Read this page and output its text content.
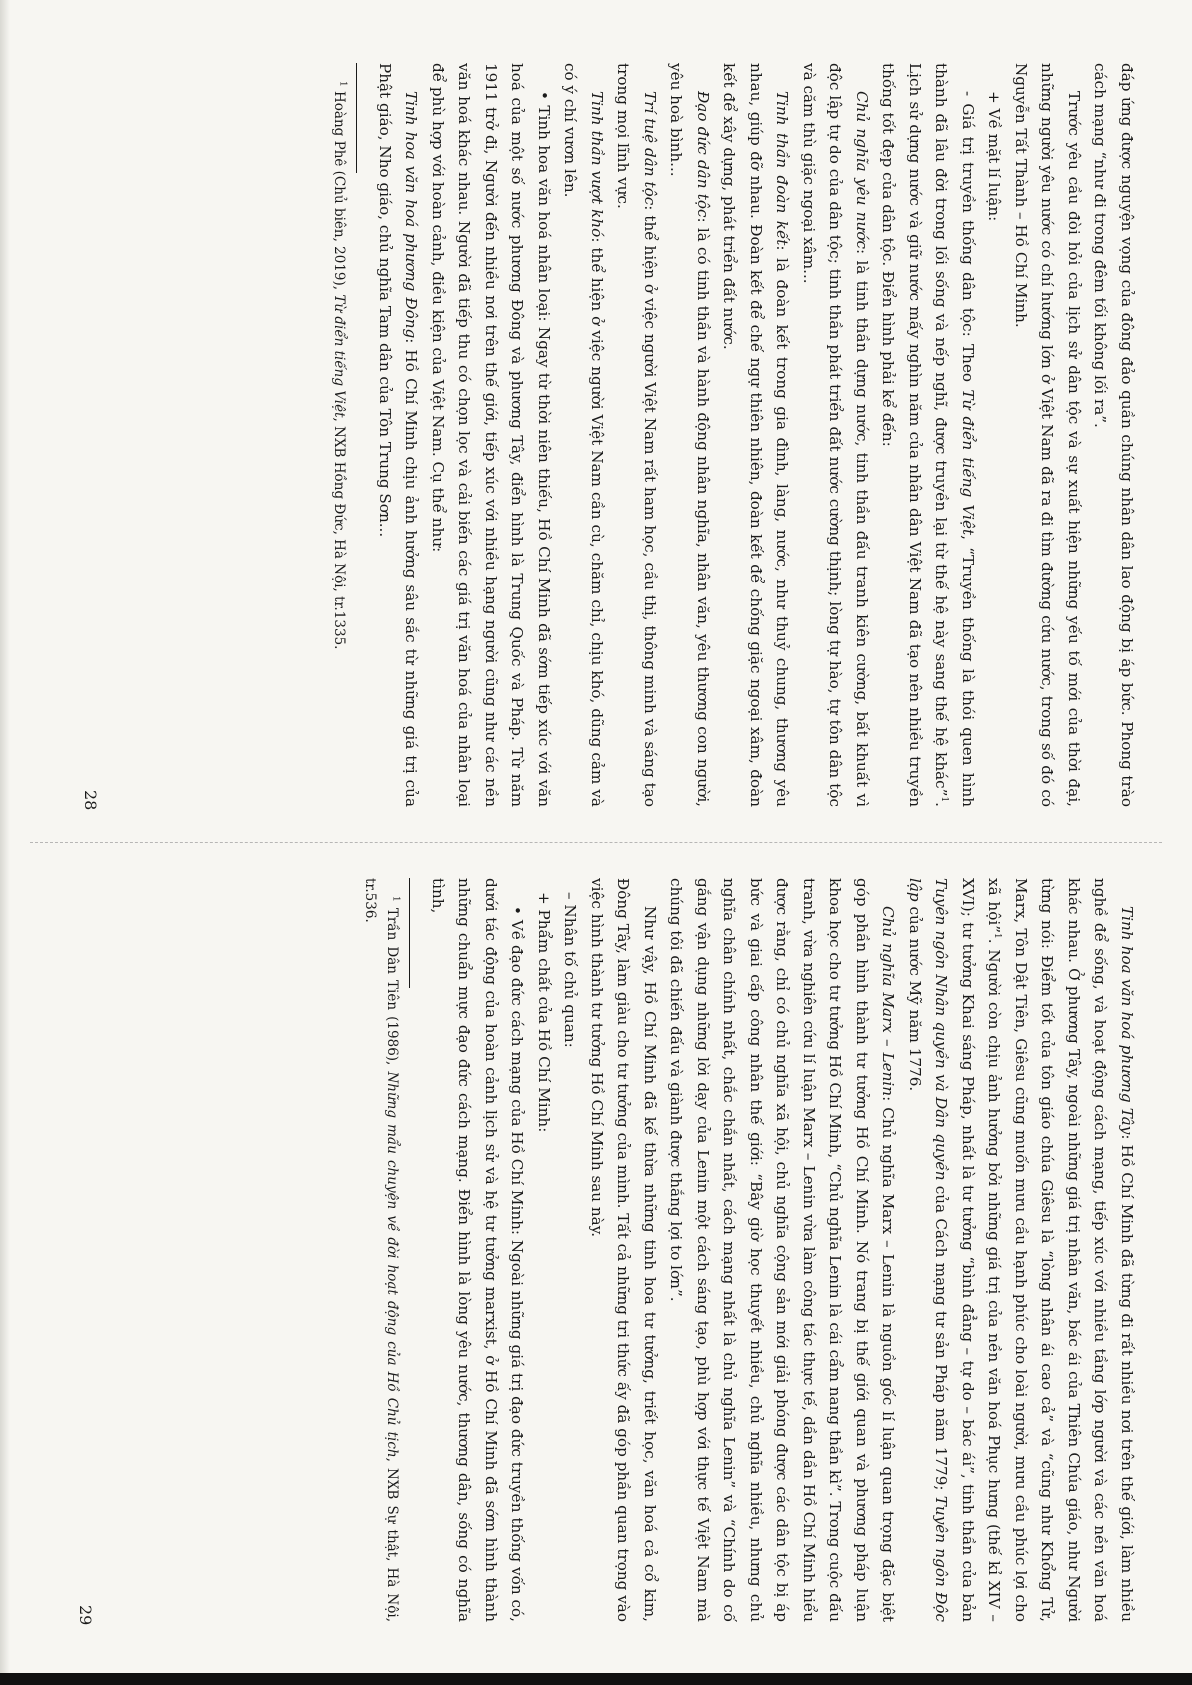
đáp ứng được nguyện vọng của đông đảo quần chúng nhân dân lao động bị áp bức. Phong trào cách mạng “như đi trong đêm tối không lối ra”.

Trước yêu cầu đòi hỏi của lịch sử dân tộc và sự xuất hiện những yếu tố mới của thời đại, những người yêu nước có chí hướng lớn ở Việt Nam đã ra đi tìm đường cứu nước, trong số đó có Nguyễn Tất Thành – Hồ Chí Minh.

+ Về mặt lí luận:

- Giá trị truyền thống dân tộc: Theo Từ điển tiếng Việt, “Truyền thống là thói quen hình thành đã lâu đời trong lối sống và nếp nghĩ, được truyền lại từ thế hệ này sang thế hệ khác”$^1$. Lịch sử dựng nước và giữ nước mấy nghìn năm của nhân dân Việt Nam đã tạo nên nhiều truyền thống tốt đẹp của dân tộc. Điển hình phải kể đến:

Chủ nghĩa yêu nước: là tinh thần dựng nước, tinh thần đấu tranh kiên cường, bất khuất vì độc lập tự do của dân tộc; tinh thần phát triển đất nước cường thịnh; lòng tự hào, tự tôn dân tộc và căm thù giặc ngoại xâm...

Tinh thần đoàn kết: là đoàn kết trong gia đình, làng, nước, như thuỷ chung, thương yêu nhau, giúp đỡ nhau. Đoàn kết để chế ngự thiên nhiên, đoàn kết để chống giặc ngoại xâm, đoàn kết để xây dựng, phát triển đất nước.

Đạo đức dân tộc: là có tinh thần và hành động nhân nghĩa, nhân văn, yêu thương con người, yêu hoà bình...

Trí tuệ dân tộc: thể hiện ở việc người Việt Nam rất ham học, cầu thị, thông minh và sáng tạo trong mọi lĩnh vực.

Tinh thần vượt khó: thể hiện ở việc người Việt Nam cần cù, chăm chỉ, chịu khó, dũng cảm và có ý chí vươn lên.

• Tinh hoa văn hoá nhân loại: Ngay từ thời niên thiếu, Hồ Chí Minh đã sớm tiếp xúc với văn hoá của một số nước phương Đông và phương Tây, điển hình là Trung Quốc và Pháp. Từ năm 1911 trở đi, Người đến nhiều nơi trên thế giới, tiếp xúc với nhiều hạng người cũng như các nền văn hoá khác nhau. Người đã tiếp thu có chọn lọc và cải biến các giá trị văn hoá của nhân loại để phù hợp với hoàn cảnh, điều kiện của Việt Nam. Cụ thể như:

Tinh hoa văn hoá phương Đông: Hồ Chí Minh chịu ảnh hưởng sâu sắc từ những giá trị của Phật giáo, Nho giáo, chủ nghĩa Tam dân của Tôn Trung Sơn...

$^1$ Hoàng Phê (Chủ biên, 2019), Từ điển tiếng Việt, NXB Hồng Đức, Hà Nội, tr.1335.
28

Tinh hoa văn hoá phương Tây: Hồ Chí Minh đã từng đi rất nhiều nơi trên thế giới, làm nhiều nghề để sống, và hoạt động cách mạng, tiếp xúc với nhiều tầng lớp người và các nền văn hoá khác nhau. Ở phương Tây, ngoài những giá trị nhân văn, bác ái của Thiên Chúa giáo, như Người từng nói: Điểm tốt của tôn giáo chúa Giêsu là “lòng nhân ái cao cả” và “cũng như Khổng Tử, Marx, Tôn Dật Tiên, Giêsu cũng muốn mưu cầu hạnh phúc cho loài người, mưu cầu phúc lợi cho xã hội”$^1$. Người còn chịu ảnh hưởng bởi những giá trị của nền văn hoá Phục hưng (thế kỉ XIV – XVI); tư tưởng Khai sáng Pháp, nhất là tư tưởng “bình đẳng – tự do – bác ái”, tinh thần của bản Tuyên ngôn Nhân quyền và Dân quyền của Cách mạng tư sản Pháp năm 1779; Tuyên ngôn Độc lập của nước Mỹ năm 1776.

Chủ nghĩa Marx – Lenin: Chủ nghĩa Marx – Lenin là nguồn gốc lí luận quan trọng đặc biệt góp phần hình thành tư tưởng Hồ Chí Minh. Nó trang bị thế giới quan và phương pháp luận khoa học cho tư tưởng Hồ Chí Minh, “Chủ nghĩa Lenin là cái cẩm nang thần kì”. Trong cuộc đấu tranh, vừa nghiên cứu lí luận Marx – Lenin vừa làm công tác thực tế, dần dần Hồ Chí Minh hiểu được rằng, chỉ có chủ nghĩa xã hội, chủ nghĩa cộng sản mới giải phóng được các dân tộc bị áp bức và giai cấp công nhân thế giới: “Bây giờ học thuyết nhiều, chủ nghĩa nhiều, nhưng chủ nghĩa chân chính nhất, chắc chắn nhất, cách mạng nhất là chủ nghĩa Lenin” và “Chính do cố gắng vận dụng những lời dạy của Lenin một cách sáng tạo, phù hợp với thực tế Việt Nam mà chúng tôi đã chiến đấu và giành được thắng lợi to lớn”.

Như vậy, Hồ Chí Minh đã kế thừa những tinh hoa tư tưởng, triết học, văn hoá cả cổ kim, Đông Tây, làm giàu cho tư tưởng của mình. Tất cả những tri thức ấy đã góp phần quan trọng vào việc hình thành tư tưởng Hồ Chí Minh sau này.

– Nhân tố chủ quan:

+ Phẩm chất của Hồ Chí Minh:

• Về đạo đức cách mạng của Hồ Chí Minh: Ngoài những giá trị đạo đức truyền thống vốn có, dưới tác động của hoàn cảnh lịch sử và hệ tư tưởng marxist, ở Hồ Chí Minh đã sớm hình thành những chuẩn mực đạo đức cách mạng. Điển hình là lòng yêu nước, thương dân, sống có nghĩa tình,

$^1$ Trần Dân Tiên (1986), Những mẩu chuyện về đời hoạt động của Hồ Chủ tịch, NXB Sự thật, Hà Nội, tr.536.
29
